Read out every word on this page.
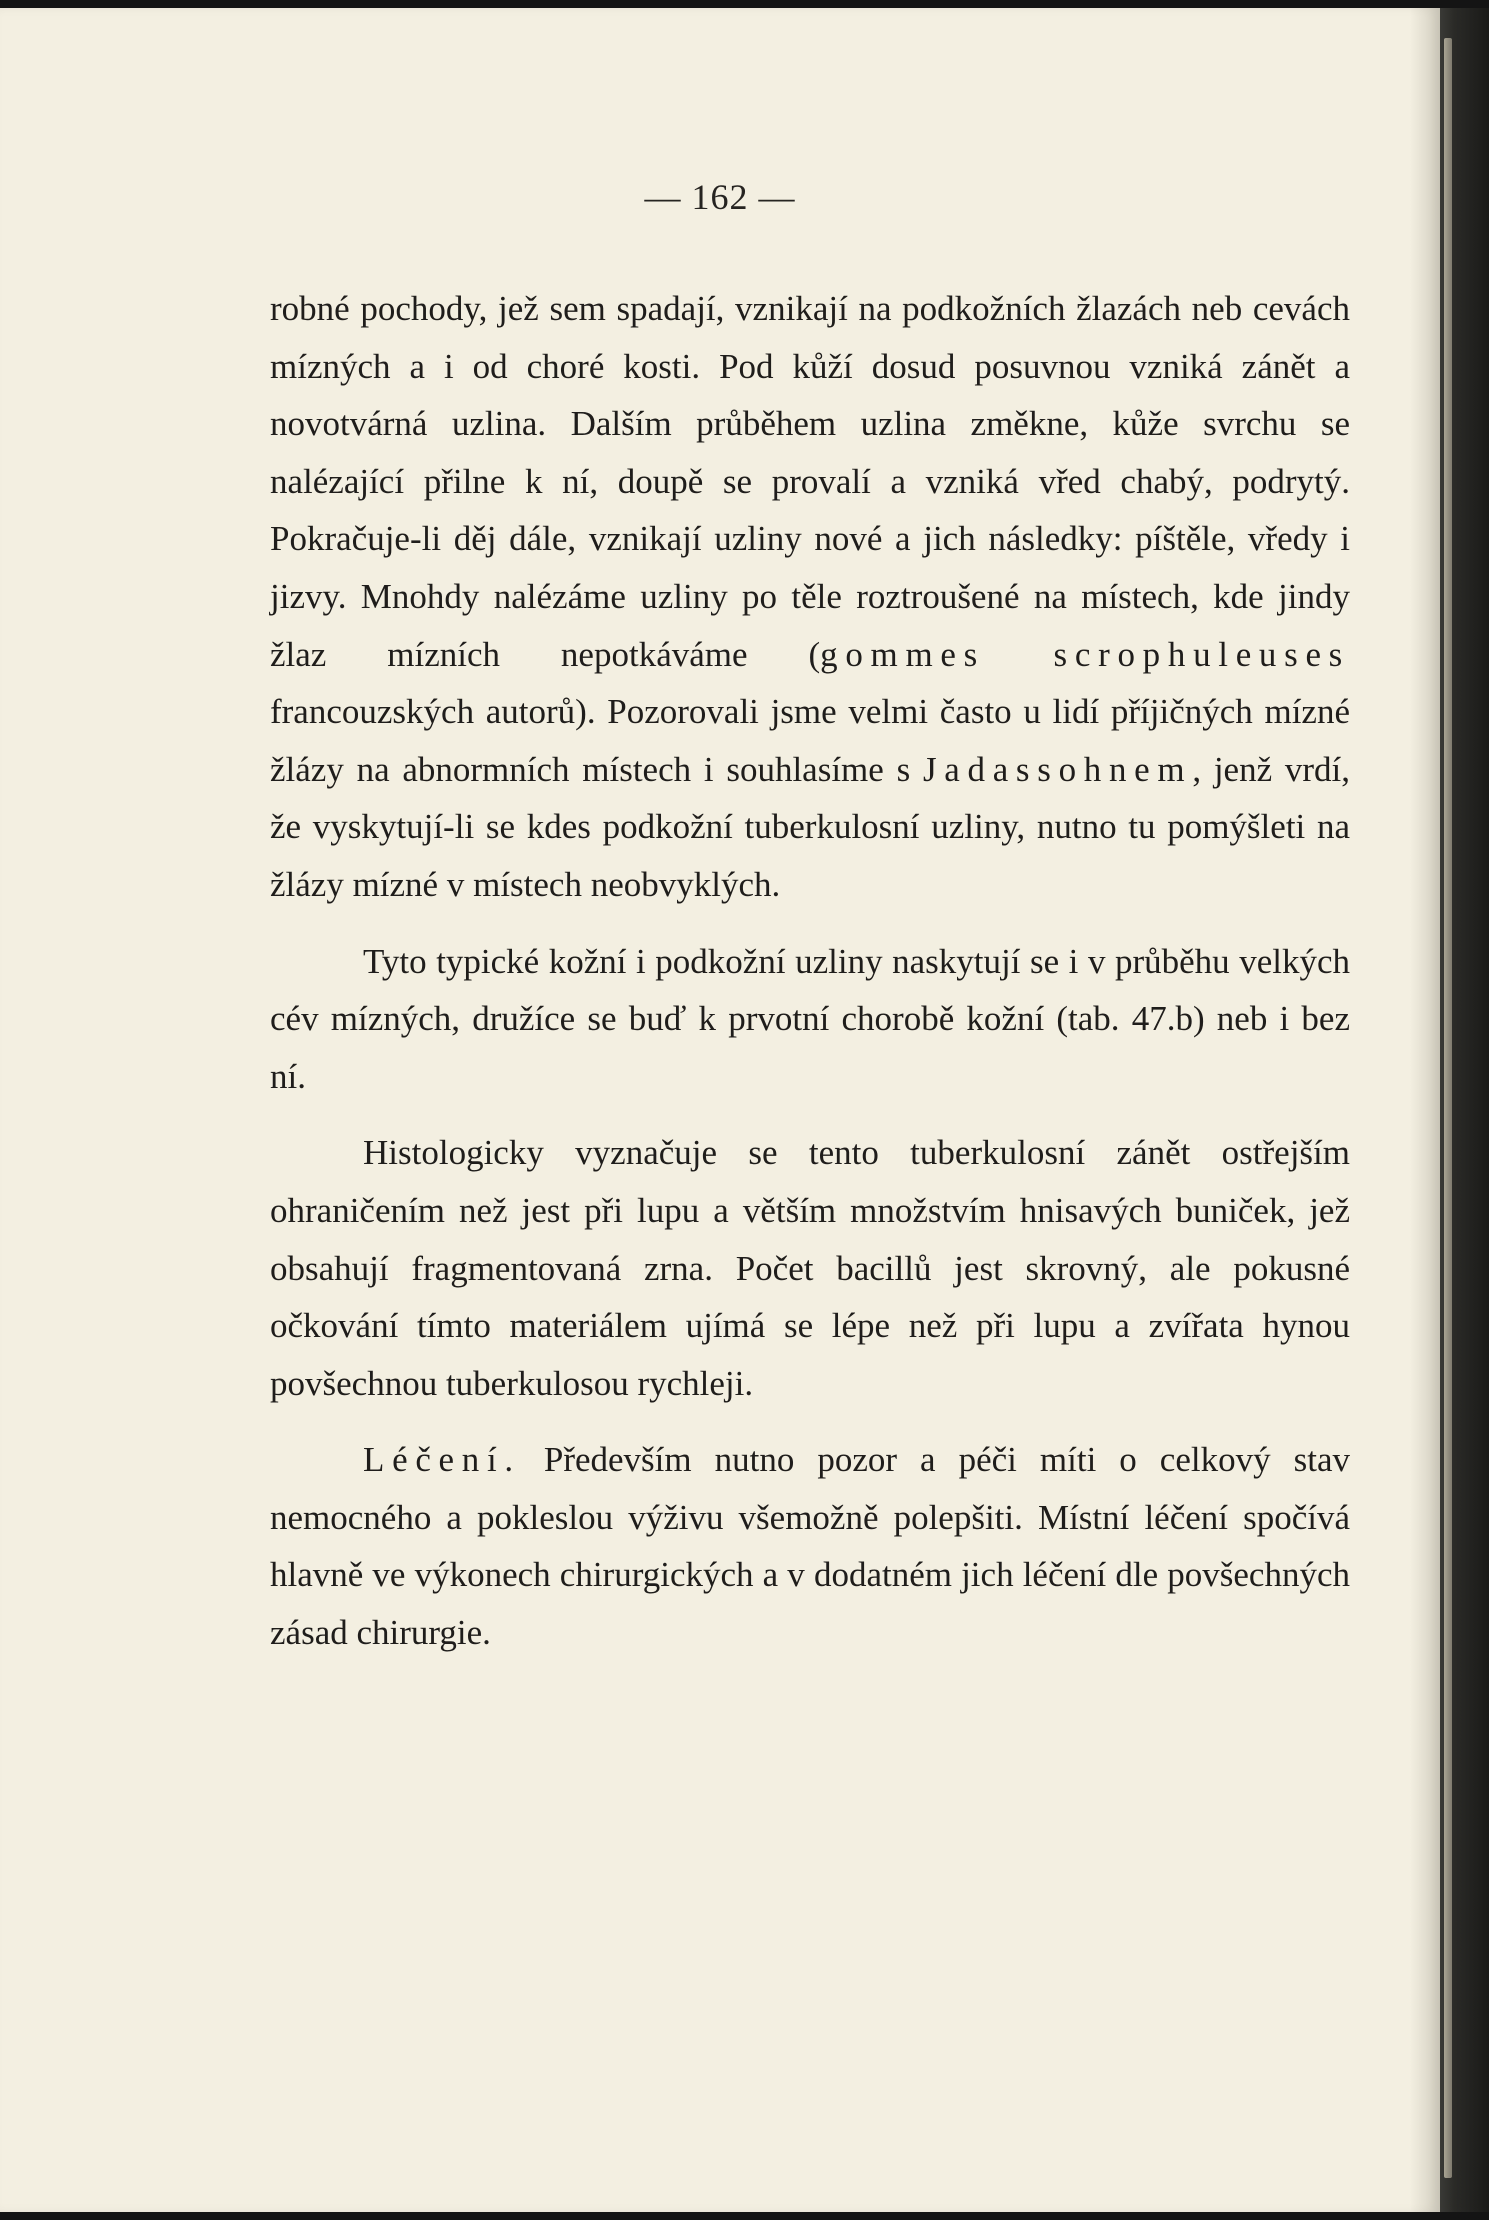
— 162 —

robné pochody, jež sem spadají, vznikají na podkožních žlazách neb cevách mízných a i od choré kosti. Pod kůží dosud posuvnou vzniká zánět a novotvárná uzlina. Dalším průběhem uzlina změkne, kůže svrchu se nalézající přilne k ní, doupě se provalí a vzniká vřed chabý, podrytý. Pokračuje-li děj dále, vznikají uzliny nové a jich následky: píštěle, vředy i jizvy. Mnohdy nalézáme uzliny po těle roztroušené na místech, kde jindy žlaz mízních nepotkáváme (gommes scrophuleuses francouzských autorů). Pozorovali jsme velmi často u lidí příjičných mízné žlázy na abnormních místech i souhlasíme s Jadassohnem, jenž vrdí, že vyskytují-li se kdes podkožní tuberkulosní uzliny, nutno tu pomýšleti na žlázy mízné v místech neobvyklých.

Tyto typické kožní i podkožní uzliny naskytují se i v průběhu velkých cév mízných, družíce se buď k prvotní chorobě kožní (tab. 47.b) neb i bez ní.

Histologicky vyznačuje se tento tuberkulosní zánět ostřejším ohraničením než jest při lupu a větším množstvím hnisavých buniček, jež obsahují fragmentovaná zrna. Počet bacillů jest skrovný, ale pokusné očkování tímto materiálem ujímá se lépe než při lupu a zvířata hynou povšechnou tuberkulosou rychleji.

Léčení. Především nutno pozor a péči míti o celkový stav nemocného a pokleslou výživu všemožně polepšiti. Místní léčení spočívá hlavně ve výkonech chirurgických a v dodatném jich léčení dle povšechných zásad chirurgie.
